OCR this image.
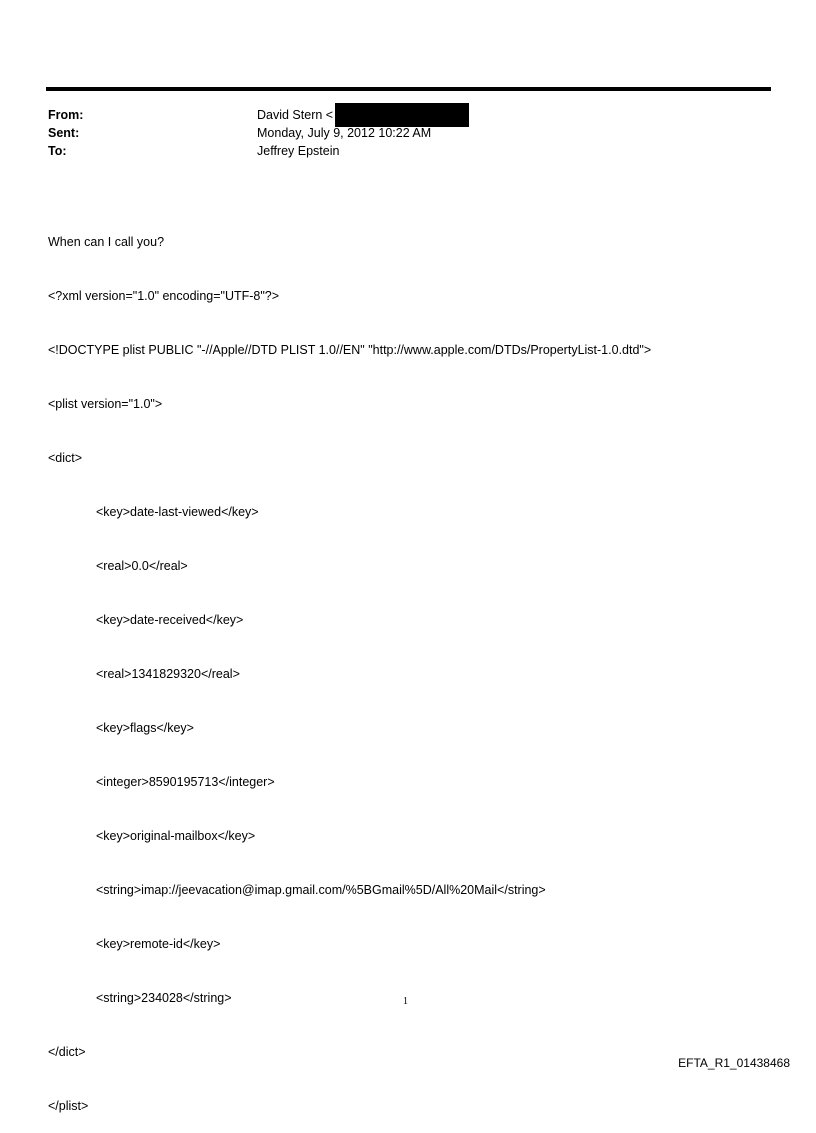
From:	David Stern <
Sent:	Monday, July 9, 2012 10:22 AM
To:	Jeffrey Epstein

When can I call you?

<?xml version="1.0" encoding="UTF-8"?>

<!DOCTYPE plist PUBLIC "-//Apple//DTD PLIST 1.0//EN" "http://www.apple.com/DTDs/PropertyList-1.0.dtd">

<plist version="1.0">

<dict>

<key>date-last-viewed</key>

<real>0.0</real>

<key>date-received</key>

<real>1341829320</real>

<key>flags</key>

<integer>8590195713</integer>

<key>original-mailbox</key>

<string>imap://jeevacation@imap.gmail.com/%5BGmail%5D/All%20Mail</string>

<key>remote-id</key>

<string>234028</string>

</dict>

</plist>

1
EFTA_R1_01438468
